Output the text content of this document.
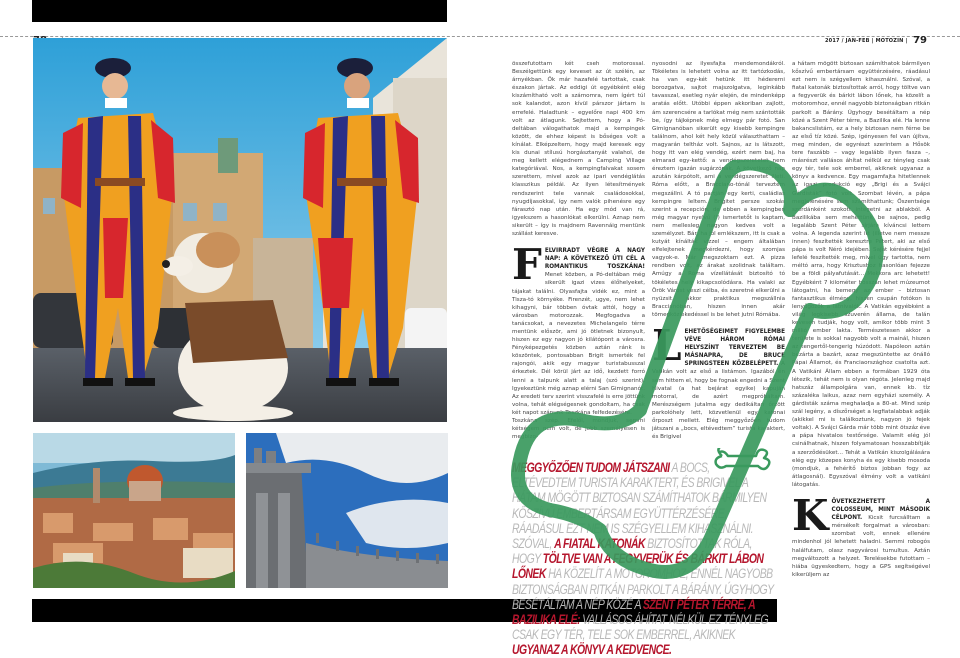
2017 / JAN-FEB | MOTOZIN | 79

összefutottam két cseh motorossal. Beszélgettünk egy keveset az út szélén, az árnyékban. Ők már hazafelé tartottak, csak északon jártak. Az eddigi út egyébként elég kiszámítható volt a számomra, nem ígért túl sok kalandot, azon kívül párszor jártam is errefelé. Haladtunk – egyelőre napi 400 km volt az átlagunk. Sejtettem, hogy a Pó-deltában válogathatok majd a kempingek között, de ehhez képest is bőséges volt a kínálat. Elképzeltem, hogy majd keresek egy kis dunai stílusú horgásztanyát valahol, de meg kellett elégednem a Camping Village kategóriával. Nos, a kempingfalvakat sosem szerettem, mivel azok az ipari vendéglátás klasszikus példái. Az ilyen létesítmények rendszerint tele vannak családosokkal, nyugdíjasokkal, így nem valók pihenésre egy fárasztó nap után. Ha egy mód van rá, igyekszem a hasonlókat elkerülni. Aznap nem sikerült – így is majdnem Ravennáig mentünk szállást keresve.

FELVIRRADT VÉGRE A NAGY NAP: A KÖVETKEZŐ ÚTI CÉL A ROMANTIKUS TOSZKÁNA! Menet közben, a Pó-deltában még sikerült igazi vizes élőhelyeket, tájakat találni. Olyasfajta vidék ez, mint a Tisza-tó környéke. Firenzét, ugye, nem lehet kihagyni, bár többen óvtak attól, hogy a városban motorozzak. Megfogadva a tanácsokat, a nevezetes Michelangelo térre mentünk először, ami jó ötletnek bizonyult, hiszen ez egy nagyon jó kilátópont a városra. Fényképezgetés közben aztán ránk is köszöntek, pontosabban Brigit ismerték fel rajongói, akik egy magyar turistabusszal érkeztek. Dél körül járt az idő, kezdett forró lenni a talpunk alatt a talaj (szó szerint). Igyekeztünk még aznap elérni San Gimignanót. Az eredeti terv szerint visszafelé is erre jöttünk volna, tehát elégségesnek gondoltam, ha csak két napot szánunk Toszkána felfedezésére.

Toszkána szép. Efelől, mondjuk, semmi kétségem nem volt, de jobb személyesen is megbizo-

nyosodni az ilyesfajta mendemondákról. Tökéletes is lehetett volna az itt tartózkodás, ha van egy-két hetünk itt hédererni borozgatva, sajtot majszolgatva, leginkább tavasszal, esetleg nyár elején, de mindenképp aratás előtt. Utóbbi éppen akkoriban zajlott, ám szerencsére a tarlókat még nem szántották be, így tájképnek még elmegy pár fotó. San Gimignanóban sikerült egy kisebb kempingre találnom, ahol két hely közül választhattam – magyarán teltház volt. Sajnos, az is látszott, hogy itt van elég vendég, ezért nem baj, ha elmarad egy-kettő: a vendégszeretetet nem éreztem igazán sugárzónak. A következő nap azután kárpótolt, ami a vendégszeretet illeti. Róma előtt, a Bracciano-tónál terveztem megszállni. A tó partján egy kerti, családias kempingre leltem. Brigitet persze szokás szerint a recepción, de ebben a kempingben még magyar nyelvű (!) ismertetőt is kaptam, nem mellesleg nagyon kedves volt a személyzet. Bár, ha jól emlékszem, itt is csak a kutyát kínálták vízzel – engem általában elfelejtenek megkérdezni, hogy szomjas vagyok-e. Már megszoktam ezt. A pizza rendben volt, az árakat szolidnak találtam. Amúgy a Róma vízellátását biztosító tó tökéletes hely kikapcsolódásra. Ha valaki az Örök Várost veszi célba, és szeretné elkerülni a nyüzsit, akkor praktikus megszállnia Braccianóban, hiszen innen akár tömegközlekedéssel is be lehet jutni Rómába.

LEHETŐSÉGEIMET FIGYELEMBE VÉVE HÁROM RÓMAI HELYSZÍNT TERVEZTEM BE MÁSNAPRA, DE BRUCE SPRINGSTEEN KÖZBELÉPETT. A Vatikán volt az első a listámon. Igazából én sem hittem el, hogy be fognak engedni a Szent Hivatal (a hat bejárat egyike) kapuján motorral, de azért megpróbáltam. Merészségem jutalma egy dedikáltan őrzött parkolóhely lett, közvetlenül egy katonai őrposzt mellett. Elég meggyőzően tudom játszani a „bocs, eltévedtem” turista karaktert, és Brigivel

a hátam mögött biztosan számíthatok bármilyen kőszívű embertársam együttérzésére, ráadásul ezt nem is szégyellem kihasználni. Szóval, a fiatal katonák biztosítottak arról, hogy töltve van a fegyverük és bárkit lábon lőnek, ha közelít a motoromhoz, ennél nagyobb biztonságban ritkán parkolt a Bárány. Úgyhogy besétáltam a nép közé a Szent Péter térre, a Bazilika elé. Ha lenne bakancslistám, ez a hely biztosan nem férne be az első tíz közé. Szép, igényesen fel van újítva, meg minden, de egyrészt szerintem a Hősök tere faszább – vagy legalább ilyen fasza –, másrészt vallásos áhítat nélkül ez tényleg csak egy tér, tele sok emberrel, akiknek ugyanaz a könyv a kedvence. Egy magamfajta hitetlennek az igazi produkció egy „Brigi és a Svájci Gárdisták” fotó volt. Szombat lévén, a pápa megjelenésére sem számíthattunk; Őszentsége szerdánként szokott integetni az ablakból. A Bazilikába sem mehettünk be sajnos, pedig legalább Szent Péter sírjára kíváncsi lettem volna. A legenda szerint itt (illetve nem messze innen) feszítették keresztre Pétert, aki az első pápa is volt Néró idejében. Saját kérésére fejjel lefelé feszítették meg, mivel úgy tartotta, nem méltó arra, hogy Krisztushoz hasonlóan fejezze be a földi pályafutását… Mekkora arc lehetett! Egyébként 7 kilométer hosszan lehet múzeumot látogatni, ha bemegy az ember – biztosan fantasztikus élmény, hiszen csupán fotókon is lenyűgözők a látnivalók. A Vatikán egyébként a világ legkisebb szuverén állama, de talán kevesen tudják, hogy volt, amikor több mint 3 millió ember lakta. Természetesen akkor a területe is sokkal nagyobb volt a mainál, hiszen az tengertől-tengerig húzódott. Napóleon aztán bezárta a bazárt, azaz megszüntette az önálló Pápai Államot, és Franciaországhoz csatolta azt. A Vatikáni Állam ebben a formában 1929 óta létezik, tehát nem is olyan régóta. Jelenleg majd hatszáz állampolgára van, ennek kb. tíz százaléka laikus, azaz nem egyházi személy. A gárdisták száma meghaladja a 80-at. Mind szép szál legény, a díszőrséget a legfiatalabbak adják (akikkel mi is találkoztunk, nagyon jó fejek voltak). A Svájci Gárda már több mint ötszáz éve a pápa hivatalos testőrsége. Valamit elég jól csinálhatnak, hiszen folyamatosan hosszabbítják a szerződésüket… Tehát a Vatikán kiszolgálására elég egy közepes konyha és egy kisebb mosoda (mondjuk, a fehérítő biztos jobban fogy az átlagosnál). Egyszóval élmény volt a vatikáni látogatás.

KÖVETKEZHETETT A COLOSSEUM, MINT MÁSODIK CÉLPONT. Kicsit furcsálltam a mérsékelt forgalmat a városban: szombat volt, ennek ellenére mindenhol jól lehetett haladni. Semmi robogós halálfutam, olasz nagyvárosi tumultus. Aztán megváltozott a helyzet. Terelésekbe futottam – hiába ügyeskedtem, hogy a GPS segítségével kikerüljem az

MEGGYŐZŐEN TUDOM JÁTSZANI A BOCS, ELTÉVEDTEM TURISTA KARAKTERT, ÉS BRIGIVEL A HÁTAM MÖGÖTT BIZTOSAN SZÁMÍTHATOK BÁRMILYEN KŐSZÍVŰ EMBERTÁRSAM EGYÜTTÉRZÉSÉRE, RÁADÁSUL EZT NEM IS SZÉGYELLEM KIHASZNÁLNI. SZÓVAL, A FIATAL KATONÁK BIZTOSÍTOTTAK RÓLA, HOGY TÖLTVE VAN A FEGYVERÜK ÉS BÁRKIT LÁBON LŐNEK HA KÖZELÍT A MOTOROMHOZ, ENNÉL NAGYOBB BIZTONSÁGBAN RITKÁN PARKOLT A BÁRÁNY. ÚGYHOGY BESÉTÁLTAM A NÉP KÖZÉ A SZENT PÉTER TÉRRE, A BAZILIKA ELÉ: VALLÁSOS ÁHÍTAT NÉLKÜL EZ TÉNYLEG CSAK EGY TÉR, TELE SOK EMBERREL, AKIKNEK UGYANAZ A KÖNYV A KEDVENCE.
